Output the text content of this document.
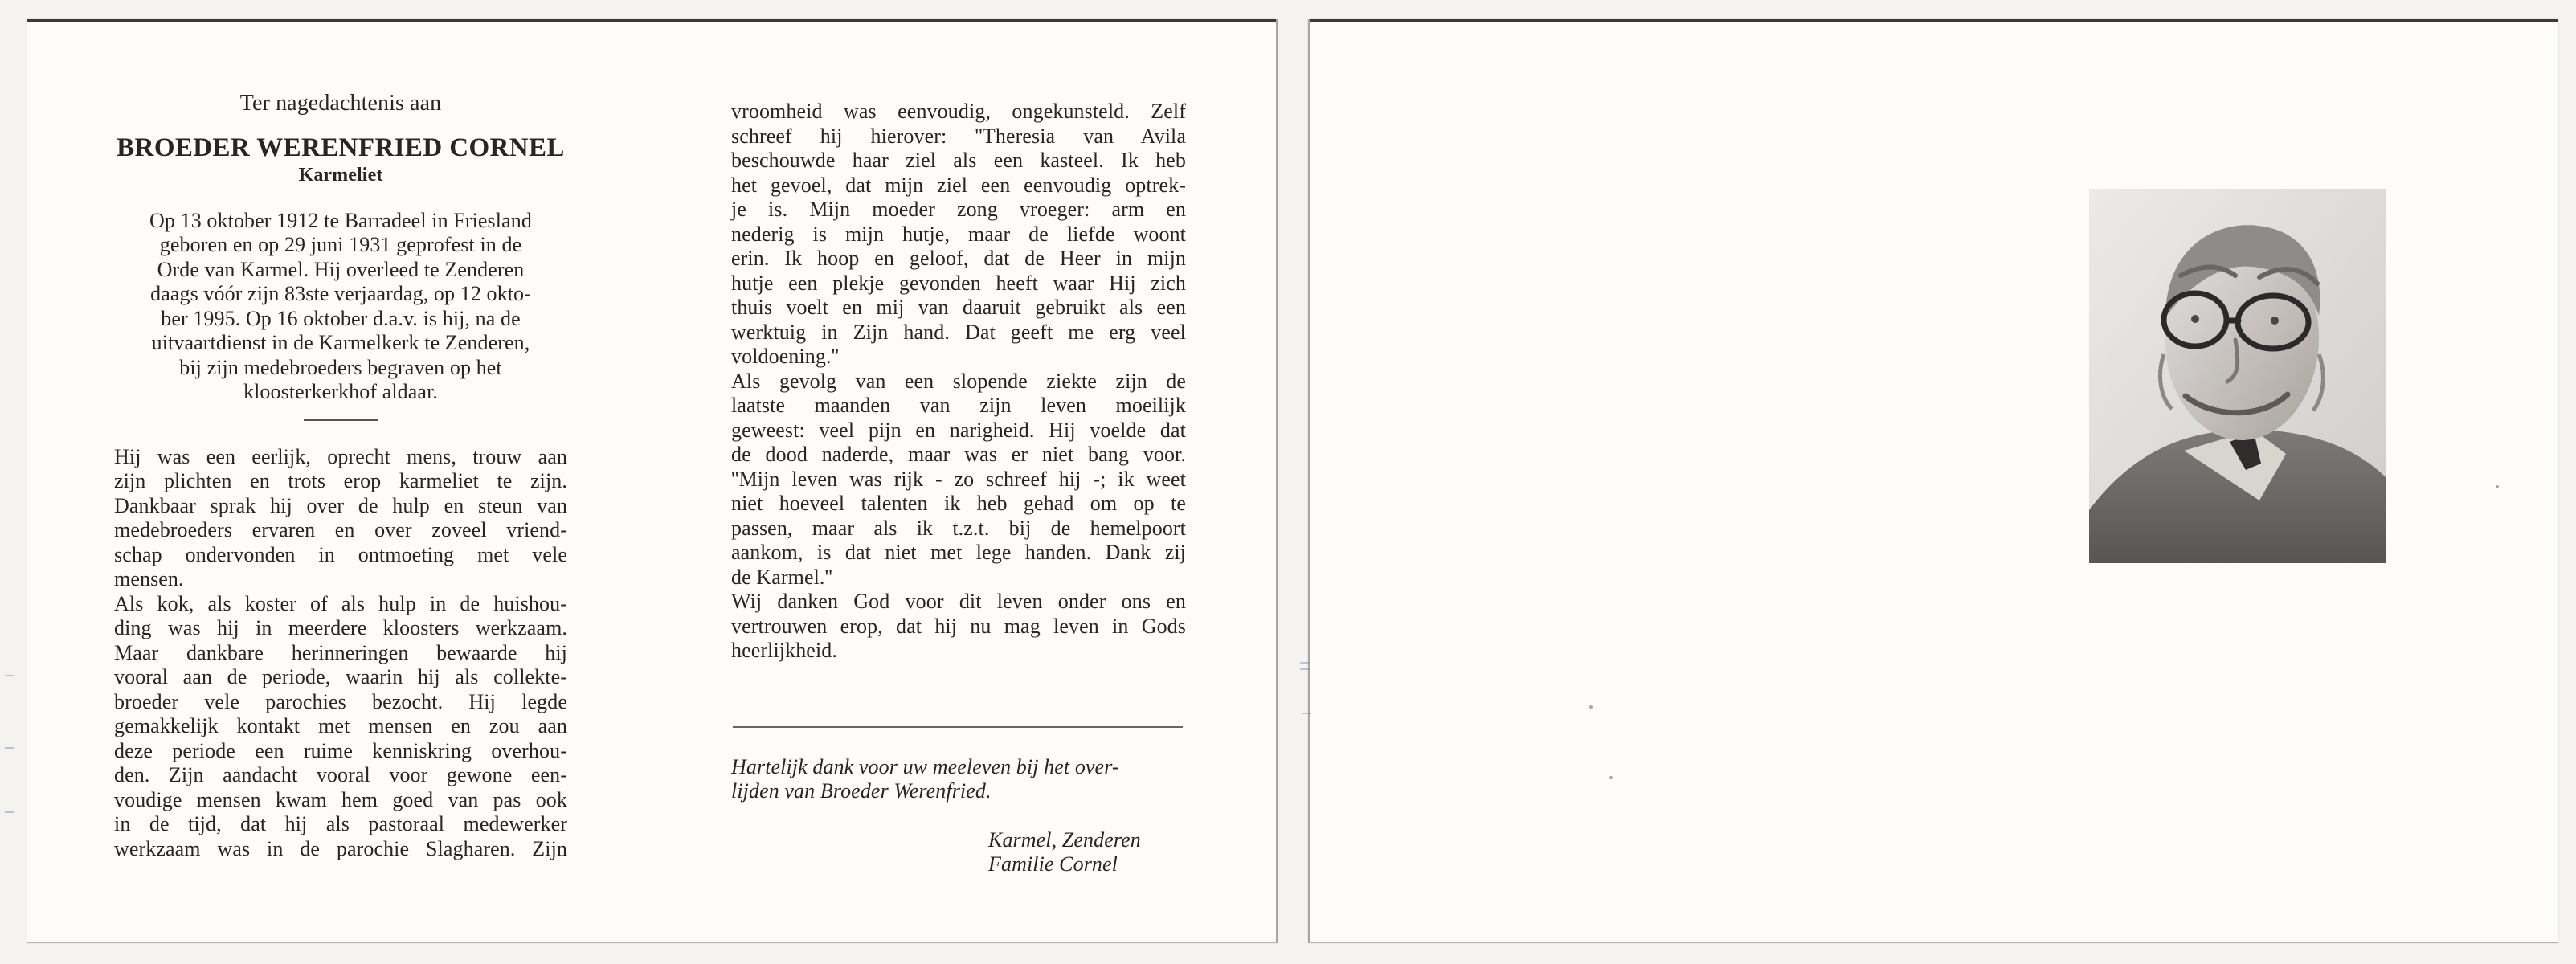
Ter nagedachtenis aan
BROEDER WERENFRIED CORNEL
Karmeliet
Op 13 oktober 1912 te Barradeel in Friesland
geboren en op 29 juni 1931 geprofest in de
Orde van Karmel. Hij overleed te Zenderen
daags vóór zijn 83ste verjaardag, op 12 okto-
ber 1995. Op 16 oktober d.a.v. is hij, na de
uitvaartdienst in de Karmelkerk te Zenderen,
bij zijn medebroeders begraven op het
kloosterkerkhof aldaar.
Hij was een eerlijk, oprecht mens, trouw aan
zijn plichten en trots erop karmeliet te zijn.
Dankbaar sprak hij over de hulp en steun van
medebroeders ervaren en over zoveel vriend-
schap ondervonden in ontmoeting met vele
mensen.
Als kok, als koster of als hulp in de huishou-
ding was hij in meerdere kloosters werkzaam.
Maar dankbare herinneringen bewaarde hij
vooral aan de periode, waarin hij als collekte-
broeder vele parochies bezocht. Hij legde
gemakkelijk kontakt met mensen en zou aan
deze periode een ruime kenniskring overhou-
den. Zijn aandacht vooral voor gewone een-
voudige mensen kwam hem goed van pas ook
in de tijd, dat hij als pastoraal medewerker
werkzaam was in de parochie Slagharen. Zijn
vroomheid was eenvoudig, ongekunsteld. Zelf
schreef hij hierover: ''Theresia van Avila
beschouwde haar ziel als een kasteel. Ik heb
het gevoel, dat mijn ziel een eenvoudig optrek-
je is. Mijn moeder zong vroeger: arm en
nederig is mijn hutje, maar de liefde woont
erin. Ik hoop en geloof, dat de Heer in mijn
hutje een plekje gevonden heeft waar Hij zich
thuis voelt en mij van daaruit gebruikt als een
werktuig in Zijn hand. Dat geeft me erg veel
voldoening.''
Als gevolg van een slopende ziekte zijn de
laatste maanden van zijn leven moeilijk
geweest: veel pijn en narigheid. Hij voelde dat
de dood naderde, maar was er niet bang voor.
''Mijn leven was rijk - zo schreef hij -; ik weet
niet hoeveel talenten ik heb gehad om op te
passen, maar als ik t.z.t. bij de hemelpoort
aankom, is dat niet met lege handen. Dank zij
de Karmel.''
Wij danken God voor dit leven onder ons en
vertrouwen erop, dat hij nu mag leven in Gods
heerlijkheid.
Hartelijk dank voor uw meeleven bij het over-
lijden van Broeder Werenfried.
Karmel, Zenderen
Familie Cornel
